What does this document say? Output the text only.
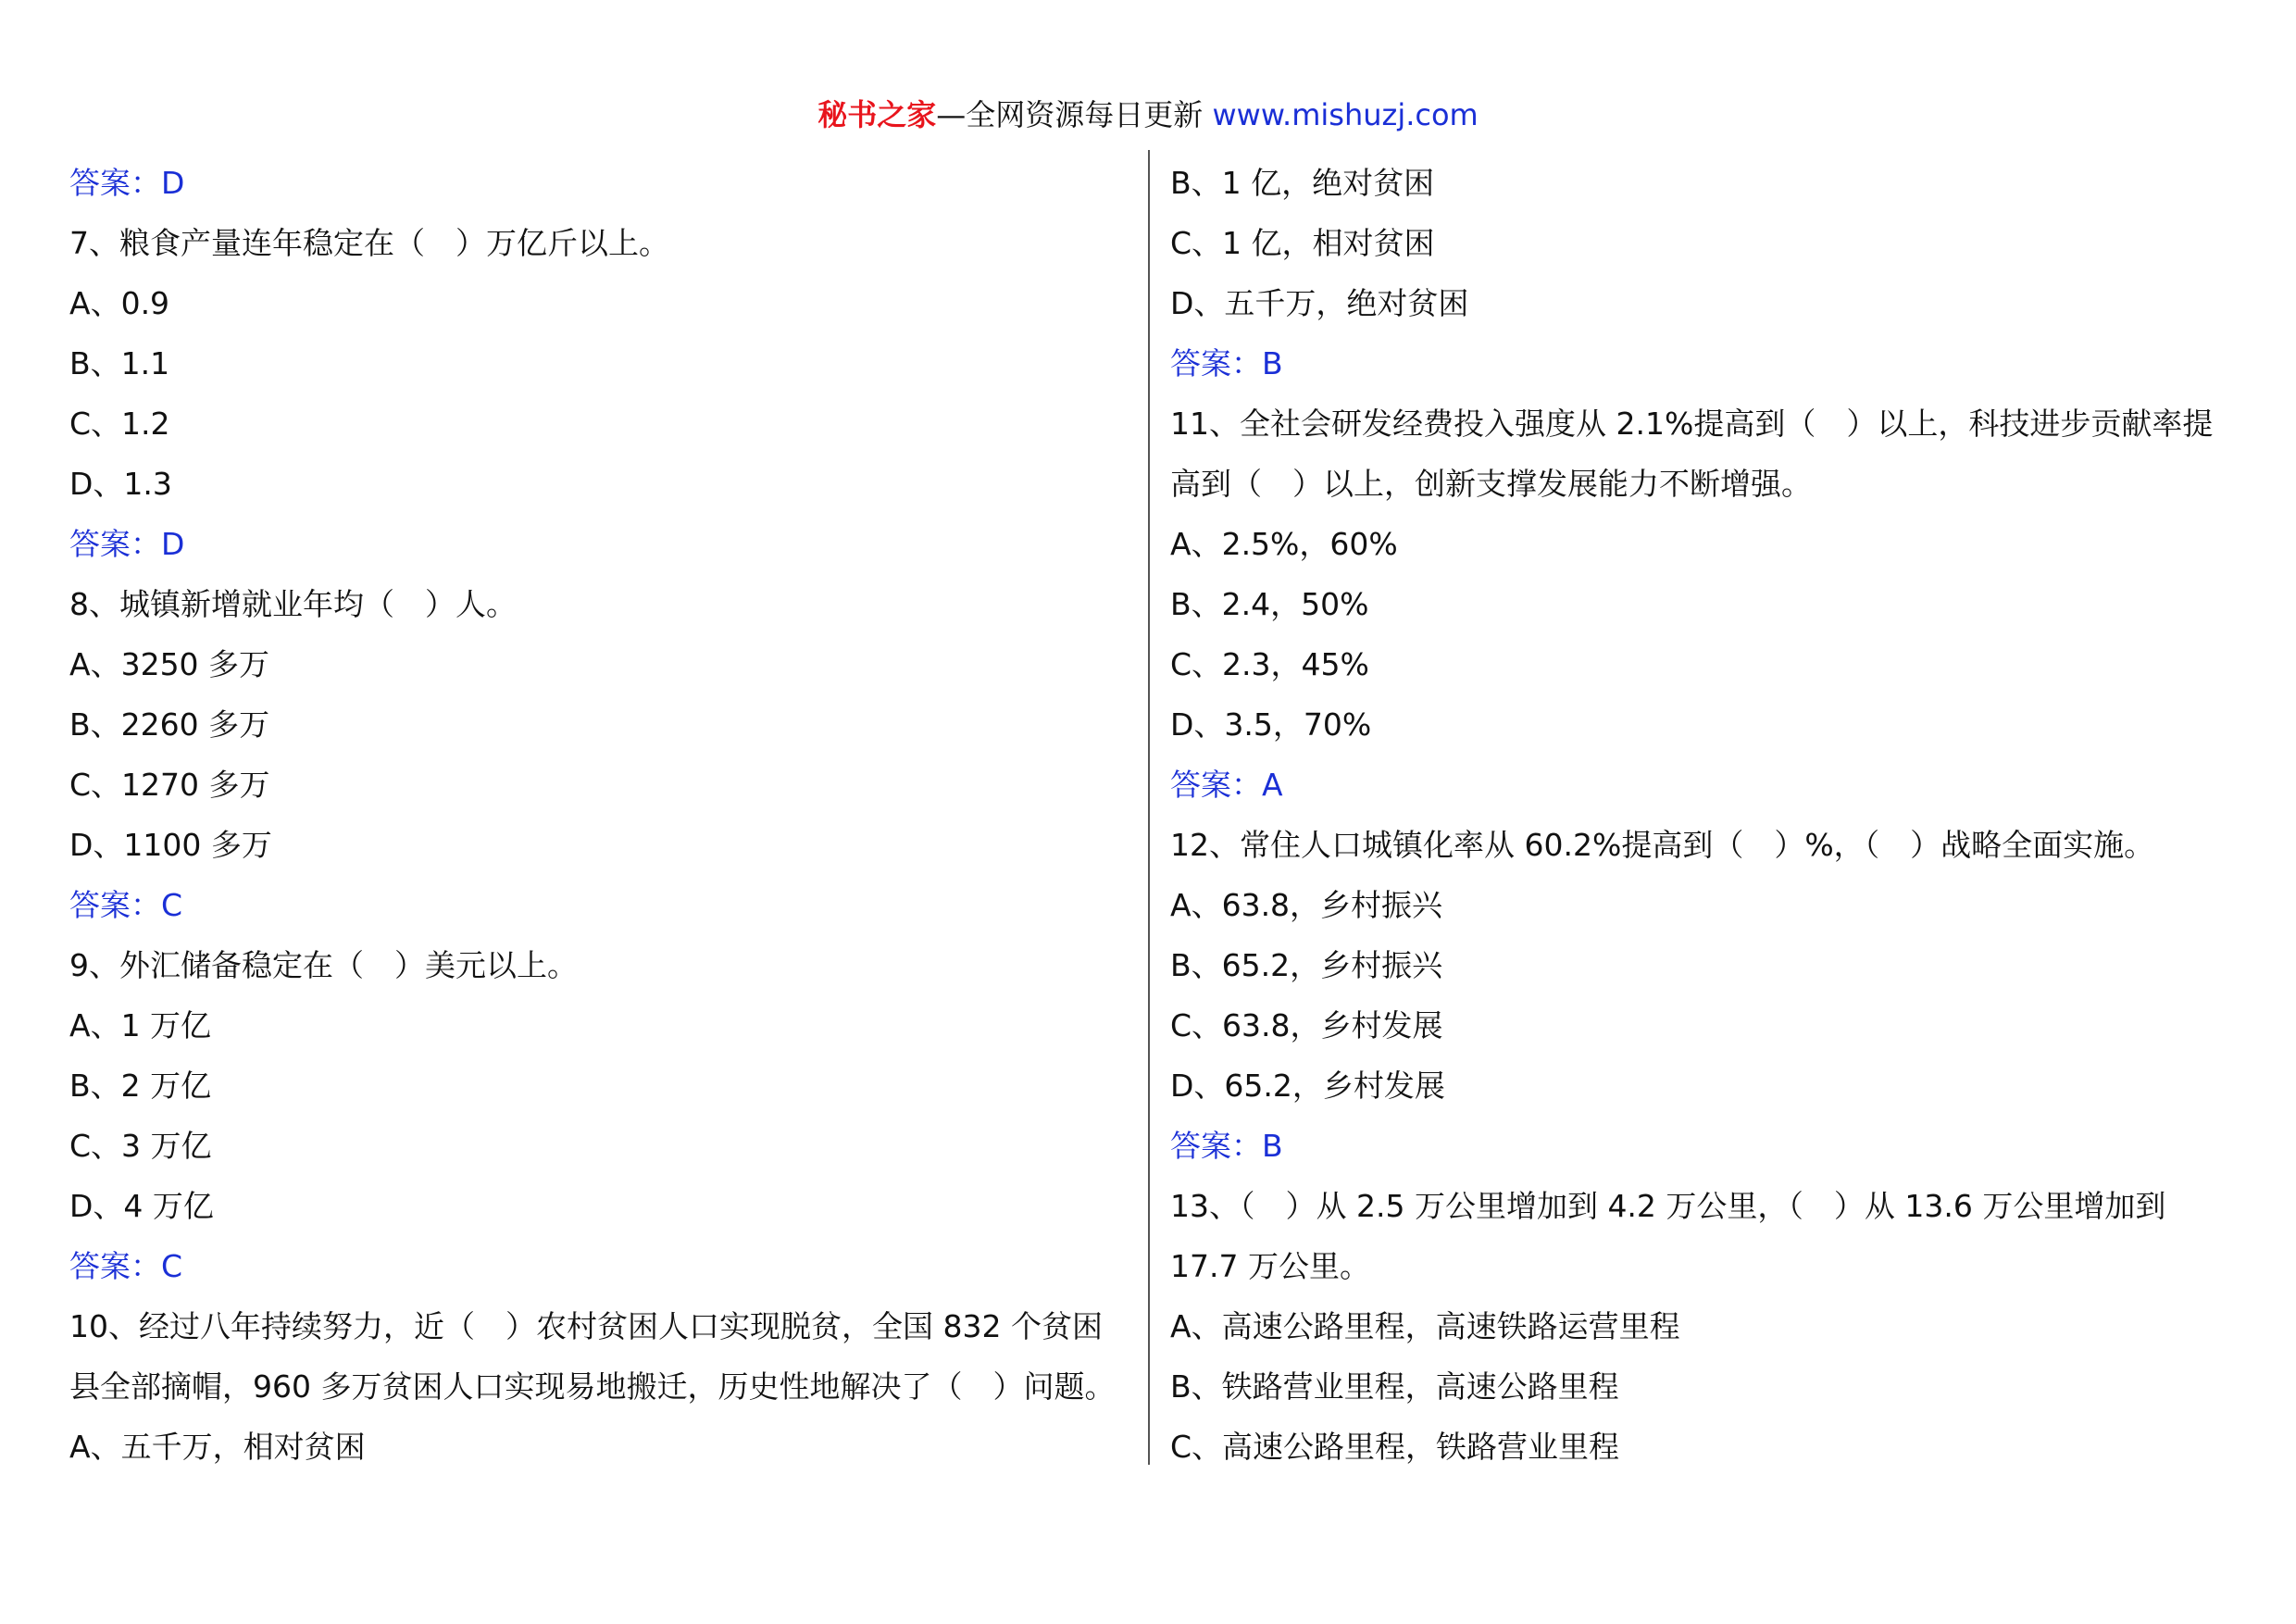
秘书之家—全网资源每日更新 www.mishuzj.com
答案：D
7、粮食产量连年稳定在（　）万亿斤以上。
A、0.9
B、1.1
C、1.2
D、1.3
答案：D
8、城镇新增就业年均（　）人。
A、3250 多万
B、2260 多万
C、1270 多万
D、1100 多万
答案：C
9、外汇储备稳定在（　）美元以上。
A、1 万亿
B、2 万亿
C、3 万亿
D、4 万亿
答案：C
10、经过八年持续努力，近（　）农村贫困人口实现脱贫，全国 832 个贫困
县全部摘帽，960 多万贫困人口实现易地搬迁，历史性地解决了（　）问题。
A、五千万，相对贫困
B、1 亿，绝对贫困
C、1 亿，相对贫困
D、五千万，绝对贫困
答案：B
11、全社会研发经费投入强度从 2.1%提高到（　）以上，科技进步贡献率提
高到（　）以上，创新支撑发展能力不断增强。
A、2.5%，60%
B、2.4，50%
C、2.3，45%
D、3.5，70%
答案：A
12、常住人口城镇化率从 60.2%提高到（　）%，（　）战略全面实施。
A、63.8，乡村振兴
B、65.2，乡村振兴
C、63.8，乡村发展
D、65.2，乡村发展
答案：B
13、（　）从 2.5 万公里增加到 4.2 万公里，（　）从 13.6 万公里增加到
17.7 万公里。
A、高速公路里程，高速铁路运营里程
B、铁路营业里程，高速公路里程
C、高速公路里程，铁路营业里程
